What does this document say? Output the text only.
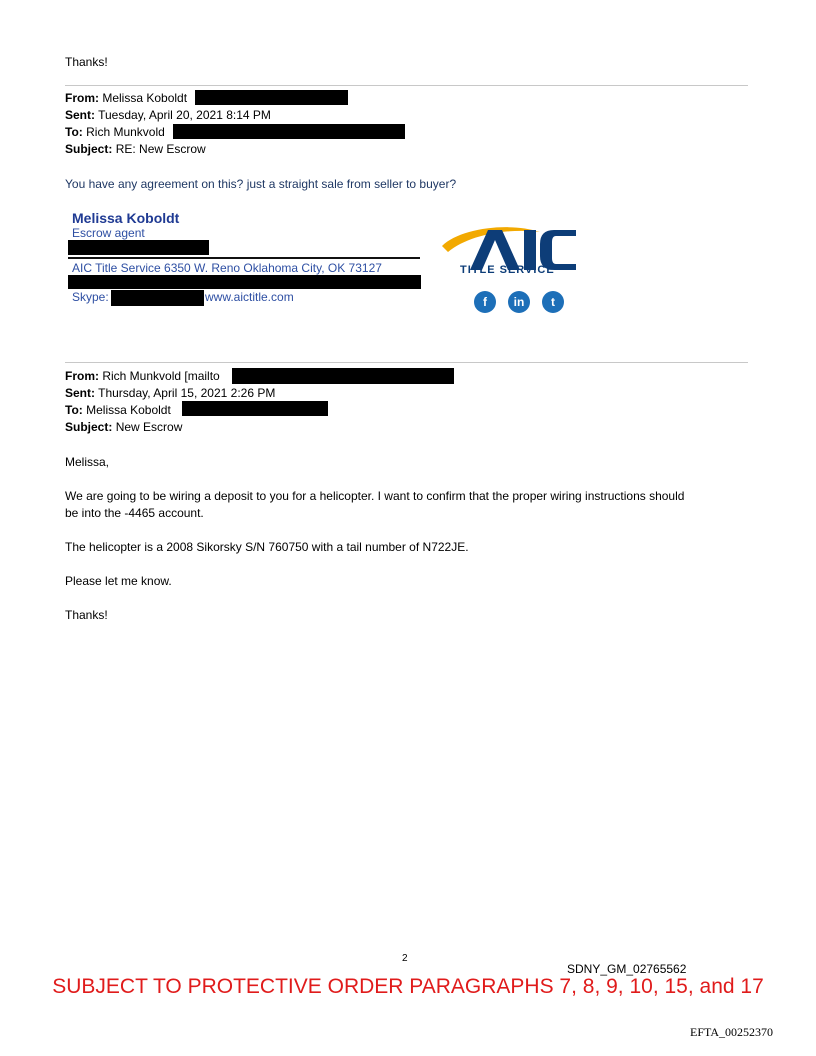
Thanks!
From: Melissa Koboldt
Sent: Tuesday, April 20, 2021 8:14 PM
To: Rich Munkvold
Subject: RE: New Escrow
You have any agreement on this? just a straight sale from seller to buyer?
Melissa Koboldt
Escrow agent
AIC Title Service 6350 W. Reno Oklahoma City, OK 73127
Skype:	www.aictitle.com
TITLE SERVICE
f	in	t
From: Rich Munkvold [mailto
Sent: Thursday, April 15, 2021 2:26 PM
To: Melissa Koboldt
Subject: New Escrow
Melissa,
We are going to be wiring a deposit to you for a helicopter. I want to confirm that the proper wiring instructions should
be into the -4465 account.
The helicopter is a 2008 Sikorsky S/N 760750 with a tail number of N722JE.
Please let me know.
Thanks!
2
SDNY_GM_02765562
SUBJECT TO PROTECTIVE ORDER PARAGRAPHS 7, 8, 9, 10, 15, and 17
EFTA_00252370
